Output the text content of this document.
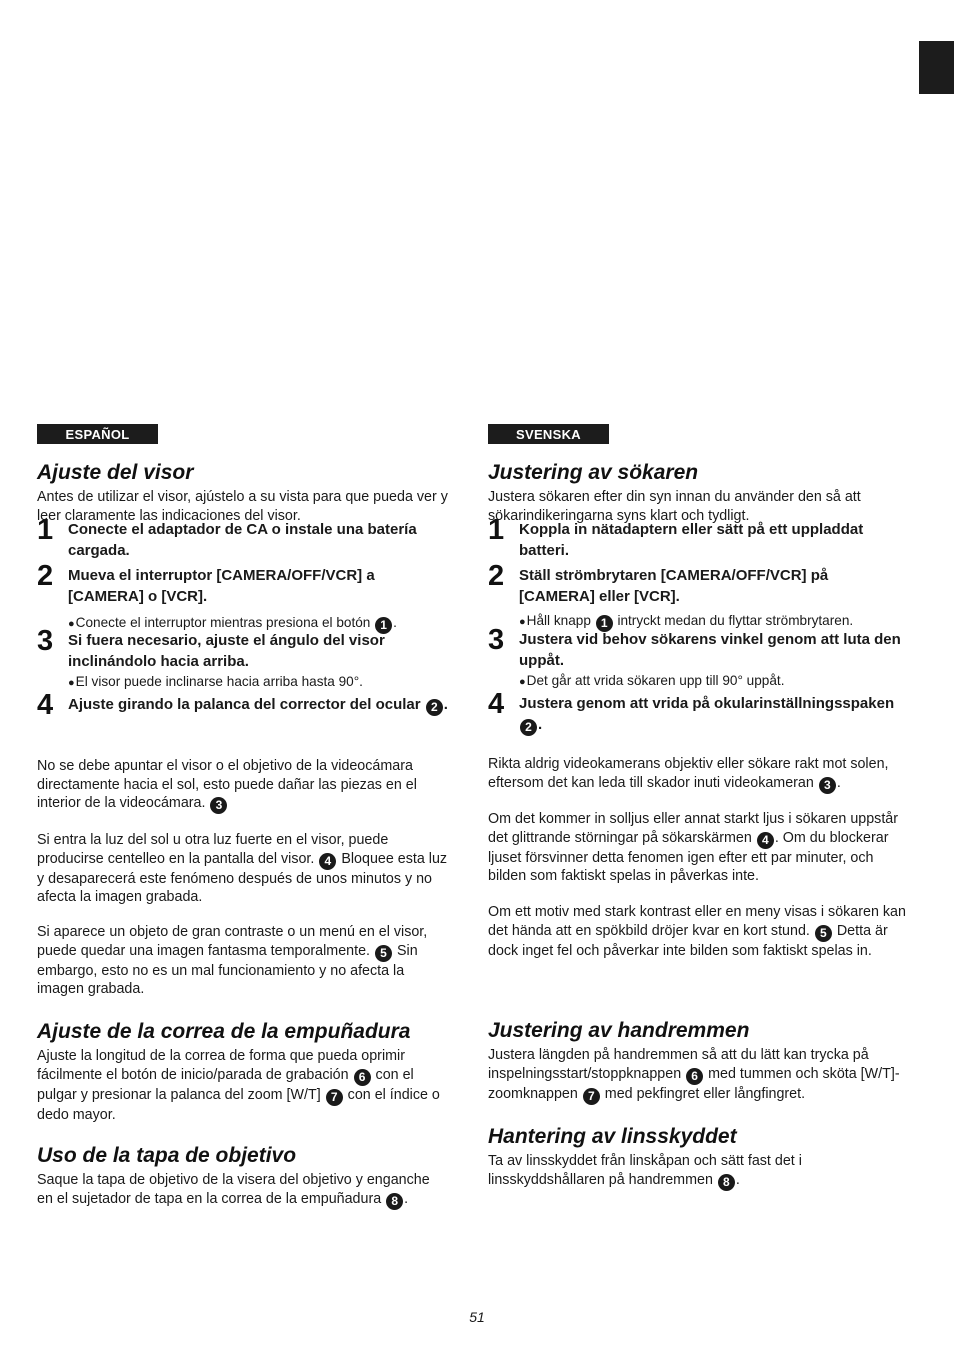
ESPAÑOL
Ajuste del visor

Antes de utilizar el visor, ajústelo a su vista para que pueda ver y leer claramente las indicaciones del visor.

1 Conecte el adaptador de CA o instale una batería cargada.
2 Mueva el interruptor [CAMERA/OFF/VCR] a [CAMERA] o [VCR].
●Conecte el interruptor mientras presiona el botón 1 .
3 Si fuera necesario, ajuste el ángulo del visor inclinándolo hacia arriba.
●El visor puede inclinarse hacia arriba hasta 90°.
4 Ajuste girando la palanca del corrector del ocular 2 .

No se debe apuntar el visor o el objetivo de la videocámara directamente hacia el sol, esto puede dañar las piezas en el interior de la videocámara. 3

Si entra la luz del sol u otra luz fuerte en el visor, puede producirse centelleo en la pantalla del visor. 4 Bloquee esta luz y desaparecerá este fenómeno después de unos minutos y no afecta la imagen grabada.

Si aparece un objeto de gran contraste o un menú en el visor, puede quedar una imagen fantasma temporalmente. 5 Sin embargo, esto no es un mal funcionamiento y no afecta la imagen grabada.

Ajuste de la correa de la empuñadura

Ajuste la longitud de la correa de forma que pueda oprimir fácilmente el botón de inicio/parada de grabación 6 con el pulgar y presionar la palanca del zoom [W/T] 7 con el índice o dedo mayor.

Uso de la tapa de objetivo

Saque la tapa de objetivo de la visera del objetivo y enganche en el sujetador de tapa en la correa de la empuñadura 8 .

SVENSKA
Justering av sökaren

Justera sökaren efter din syn innan du använder den så att sökarindikeringarna syns klart och tydligt.

1 Koppla in nätadaptern eller sätt på ett uppladdat batteri.
2 Ställ strömbrytaren [CAMERA/OFF/VCR] på [CAMERA] eller [VCR].
●Håll knapp 1 intryckt medan du flyttar strömbrytaren.
3 Justera vid behov sökarens vinkel genom att luta den uppåt.
●Det går att vrida sökaren upp till 90° uppåt.
4 Justera genom att vrida på okularinställningsspaken 2 .

Rikta aldrig videokamerans objektiv eller sökare rakt mot solen, eftersom det kan leda till skador inuti videokameran 3 .

Om det kommer in solljus eller annat starkt ljus i sökaren uppstår det glittrande störningar på sökarskärmen 4 . Om du blockerar ljuset försvinner detta fenomen igen efter ett par minuter, och bilden som faktiskt spelas in påverkas inte.

Om ett motiv med stark kontrast eller en meny visas i sökaren kan det hända att en spökbild dröjer kvar en kort stund. 5 Detta är dock inget fel och påverkar inte bilden som faktiskt spelas in.

Justering av handremmen

Justera längden på handremmen så att du lätt kan trycka på inspelningsstart/stoppknappen 6 med tummen och sköta [W/T]-zoomknappen 7 med pekfingret eller långfingret.

Hantering av linsskyddet

Ta av linsskyddet från linskåpan och sätt fast det i linsskyddshållaren på handremmen 8 .

51
